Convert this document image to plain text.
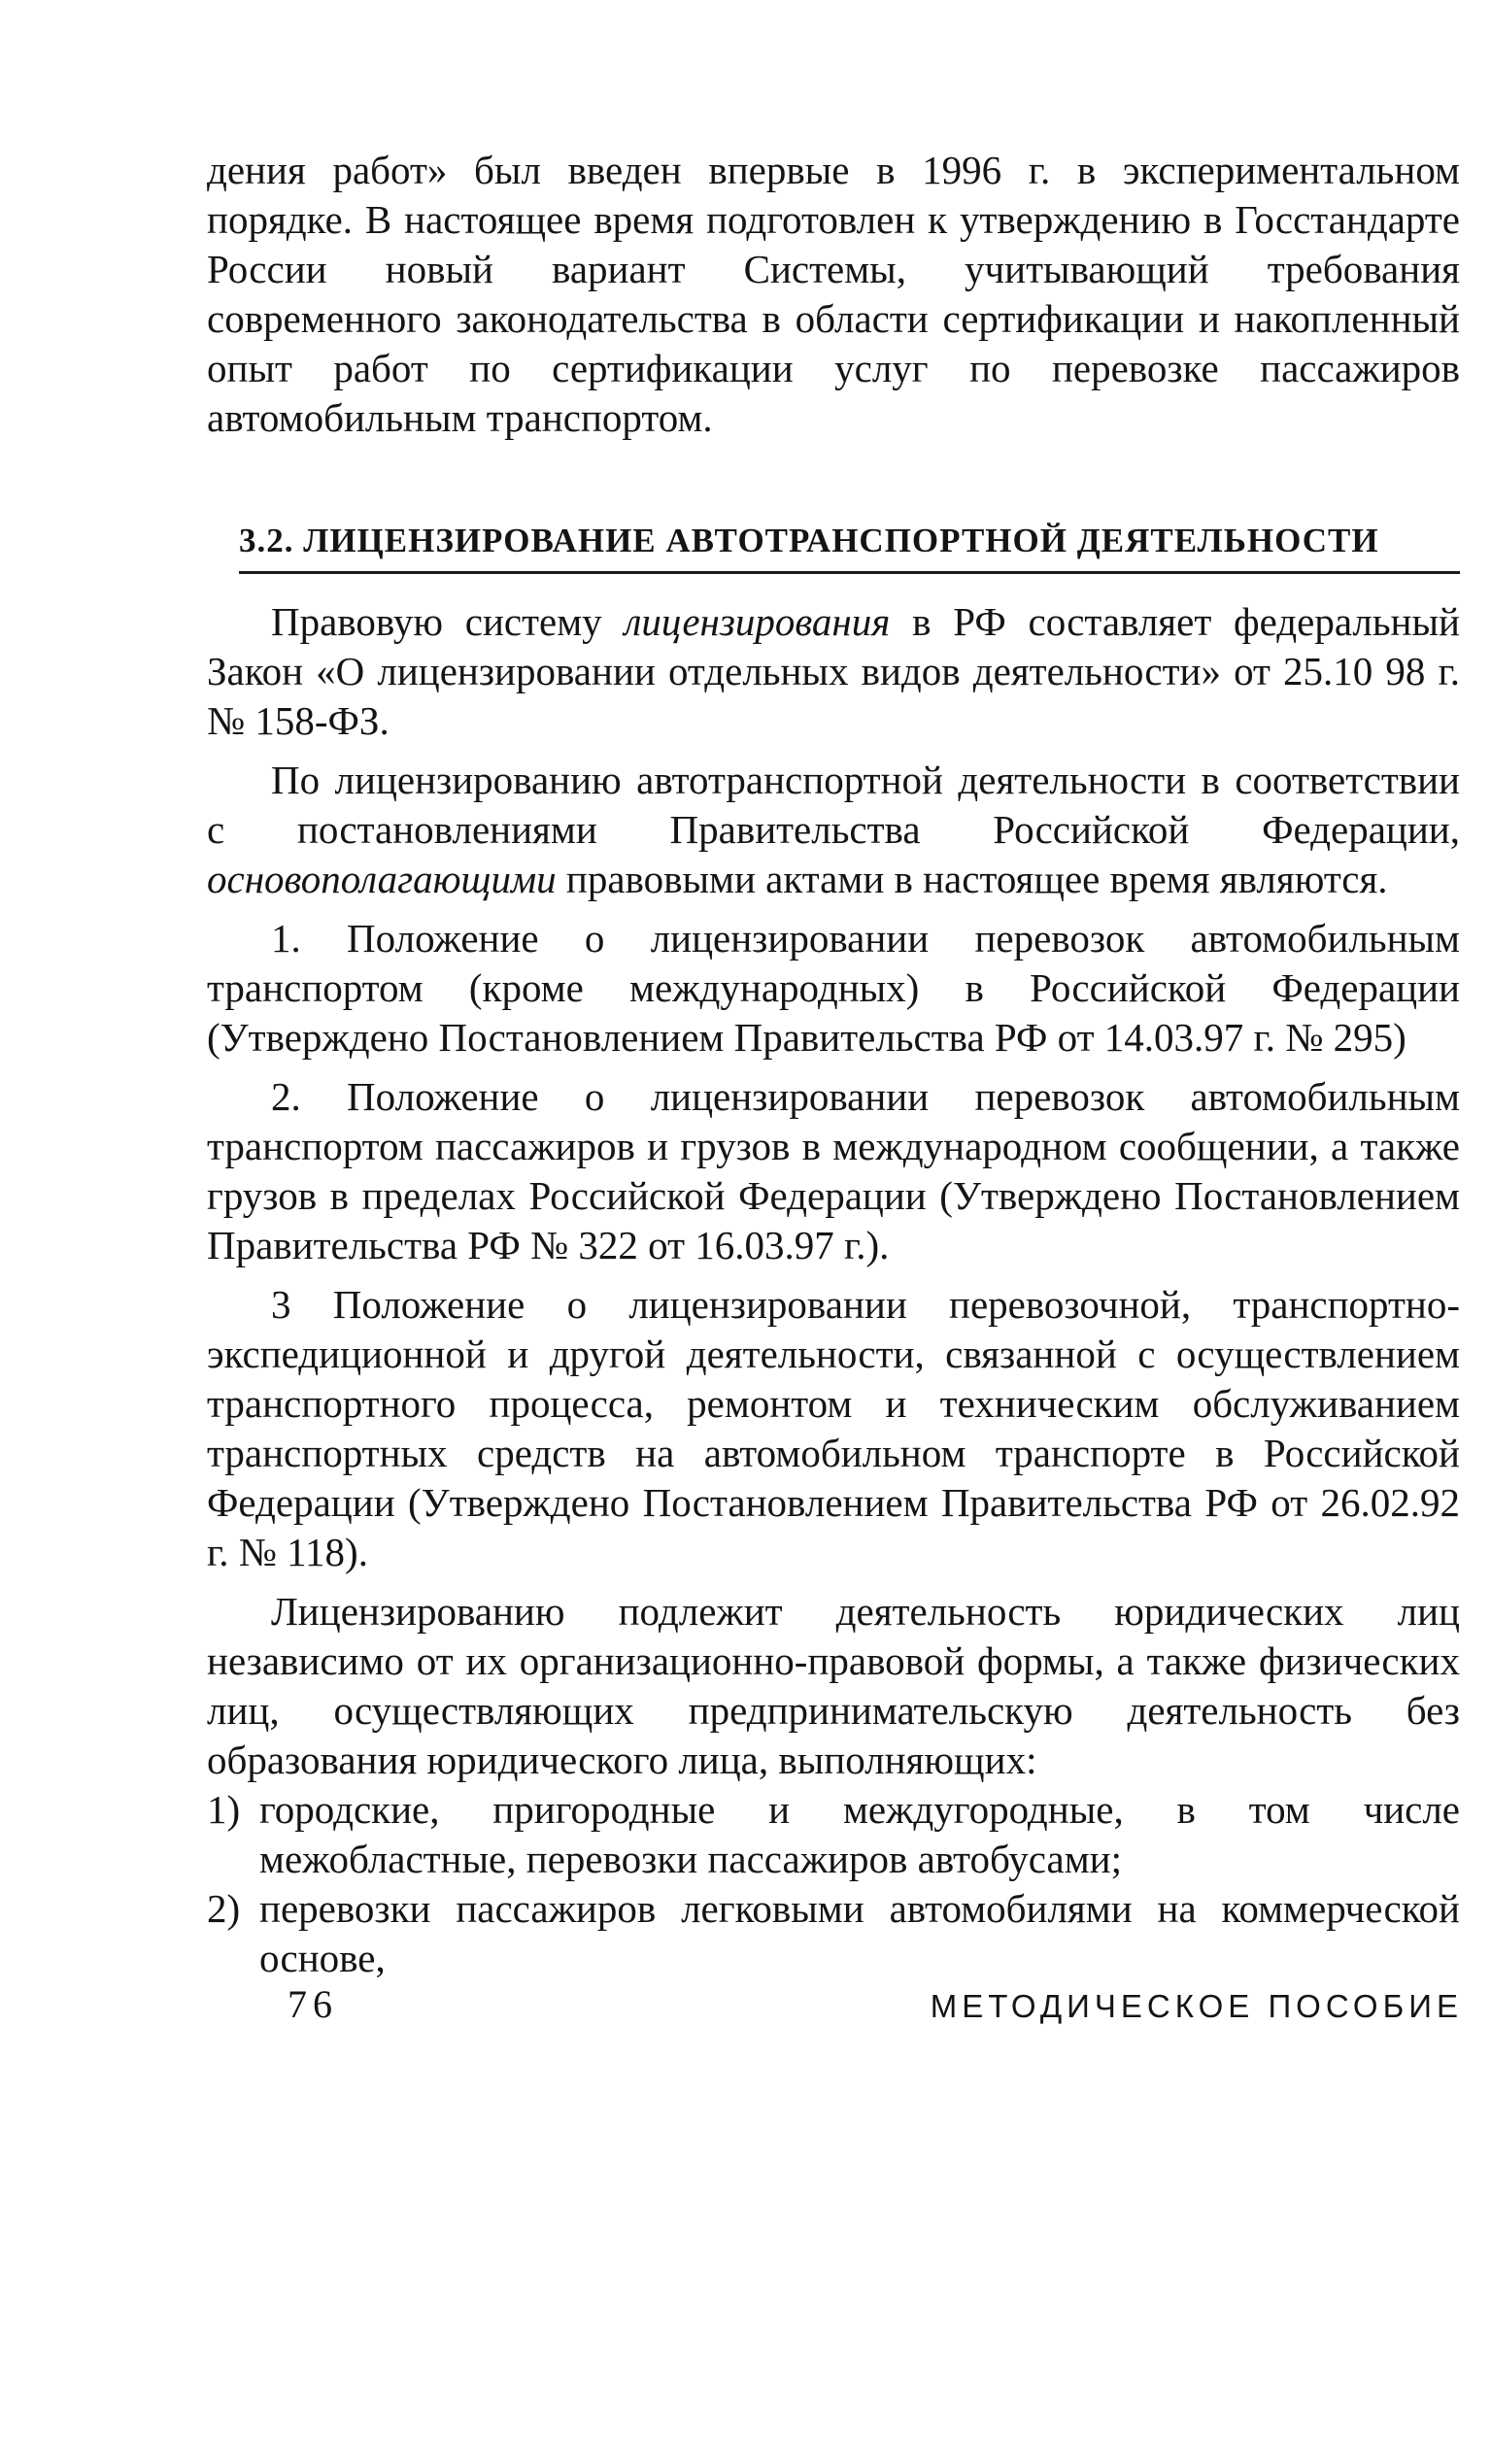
дения работ» был введен впервые в 1996 г. в экспериментальном порядке. В настоящее время подготовлен к утверждению в Госстандарте России новый вариант Системы, учитывающий требования современного законодательства в области сертификации и накопленный опыт работ по сертификации услуг по перевозке пассажиров автомобильным транспортом.

3.2. ЛИЦЕНЗИРОВАНИЕ АВТОТРАНСПОРТНОЙ ДЕЯТЕЛЬНОСТИ

Правовую систему лицензирования в РФ составляет федеральный Закон «О лицензировании отдельных видов деятельности» от 25.10 98 г. № 158-ФЗ.

По лицензированию автотранспортной деятельности в соответствии с постановлениями Правительства Российской Федерации, основополагающими правовыми актами в настоящее время являются.

1. Положение о лицензировании перевозок автомобильным транспортом (кроме международных) в Российской Федерации (Утверждено Постановлением Правительства РФ от 14.03.97 г. № 295)

2. Положение о лицензировании перевозок автомобильным транспортом пассажиров и грузов в международном сообщении, а также грузов в пределах Российской Федерации (Утверждено Постановлением Правительства РФ № 322 от 16.03.97 г.).

3 Положение о лицензировании перевозочной, транспортно-экспедиционной и другой деятельности, связанной с осуществлением транспортного процесса, ремонтом и техническим обслуживанием транспортных средств на автомобильном транспорте в Российской Федерации (Утверждено Постановлением Правительства РФ от 26.02.92 г. № 118).

Лицензированию подлежит деятельность юридических лиц независимо от их организационно-правовой формы, а также физических лиц, осуществляющих предпринимательскую деятельность без образования юридического лица, выполняющих:

1) городские, пригородные и междугородные, в том числе межобластные, перевозки пассажиров автобусами;
2) перевозки пассажиров легковыми автомобилями на коммерческой основе,
76	МЕТОДИЧЕСКОЕ ПОСОБИЕ
